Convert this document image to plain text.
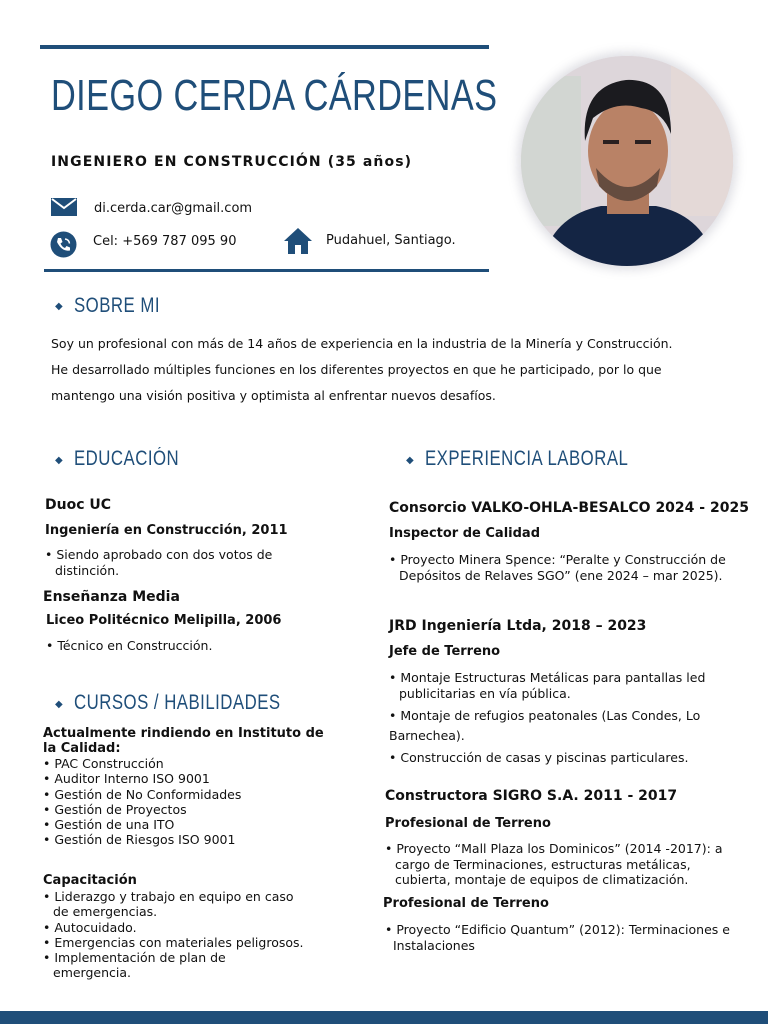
DIEGO CERDA CÁRDENAS
INGENIERO EN CONSTRUCCIÓN (35 años)
di.cerda.car@gmail.com
Cel: +569 787 095 90	Pudahuel, Santiago.
◆ SOBRE MI
Soy un profesional con más de 14 años de experiencia en la industria de la Minería y Construcción.
He desarrollado múltiples funciones en los diferentes proyectos en que he participado, por lo que
mantengo una visión positiva y optimista al enfrentar nuevos desafíos.
◆ EDUCACIÓN
Duoc UC
Ingeniería en Construcción, 2011
• Siendo aprobado con dos votos de
distinción.
Enseñanza Media
Liceo Politécnico Melipilla, 2006
• Técnico en Construcción.
◆ CURSOS / HABILIDADES
Actualmente rindiendo en Instituto de
la Calidad:
• PAC Construcción
• Auditor Interno ISO 9001
• Gestión de No Conformidades
• Gestión de Proyectos
• Gestión de una ITO
• Gestión de Riesgos ISO 9001
Capacitación
• Liderazgo y trabajo en equipo en caso
de emergencias.
• Autocuidado.
• Emergencias con materiales peligrosos.
• Implementación de plan de
emergencia.
◆ EXPERIENCIA LABORAL
Consorcio VALKO-OHLA-BESALCO 2024 - 2025
Inspector de Calidad
• Proyecto Minera Spence: “Peralte y Construcción de
Depósitos de Relaves SGO” (ene 2024 – mar 2025).
JRD Ingeniería Ltda, 2018 – 2023
Jefe de Terreno
• Montaje Estructuras Metálicas para pantallas led
publicitarias en vía pública.
• Montaje de refugios peatonales (Las Condes, Lo
Barnechea).
• Construcción de casas y piscinas particulares.
Constructora SIGRO S.A. 2011 - 2017
Profesional de Terreno
• Proyecto “Mall Plaza los Dominicos” (2014 -2017): a
cargo de Terminaciones, estructuras metálicas,
cubierta, montaje de equipos de climatización.
Profesional de Terreno
• Proyecto “Edificio Quantum” (2012): Terminaciones e
Instalaciones
